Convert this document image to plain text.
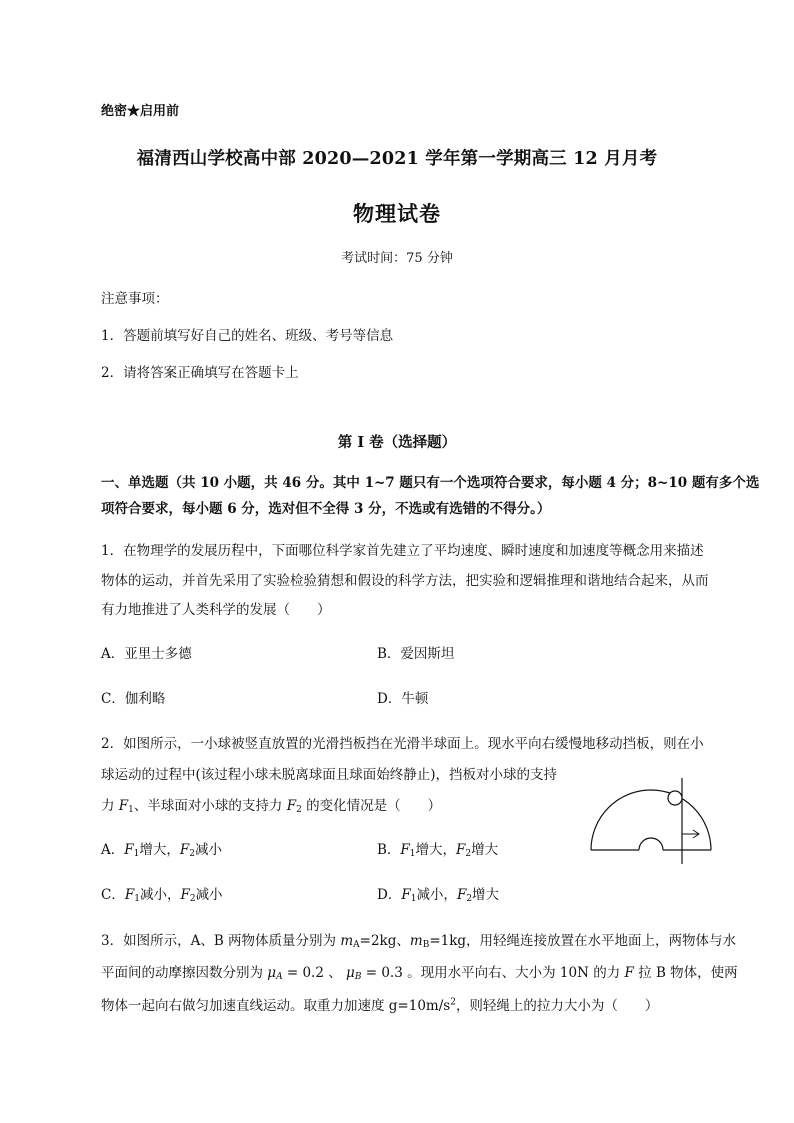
绝密★启用前
福清西山学校高中部 2020—2021 学年第一学期高三 12 月月考
物理试卷
考试时间：75 分钟
注意事项：
1．答题前填写好自己的姓名、班级、考号等信息
2．请将答案正确填写在答题卡上
第 I 卷（选择题）
一、单选题（共 10 小题，共 46 分。其中 1~7 题只有一个选项符合要求，每小题 4 分；8~10 题有多个选
项符合要求，每小题 6 分，选对但不全得 3 分，不选或有选错的不得分。）
1．在物理学的发展历程中，下面哪位科学家首先建立了平均速度、瞬时速度和加速度等概念用来描述
物体的运动，并首先采用了实验检验猜想和假设的科学方法，把实验和逻辑推理和谐地结合起来，从而
有力地推进了人类科学的发展（　　）
A．亚里士多德	B．爱因斯坦
C．伽利略	D．牛顿
2．如图所示，一小球被竖直放置的光滑挡板挡在光滑半球面上。现水平向右缓慢地移动挡板，则在小
球运动的过程中(该过程小球未脱离球面且球面始终静止)，挡板对小球的支持
力 $F_1$、半球面对小球的支持力 $F_2$ 的变化情况是（　　）
A．$F_1$增大，$F_2$减小	B．$F_1$增大，$F_2$增大
C．$F_1$减小，$F_2$减小	D．$F_1$减小，$F_2$增大
3．如图所示，A、B 两物体质量分别为 $m_A=2kg$、$m_B=1kg$，用轻绳连接放置在水平地面上，两物体与水
平面间的动摩擦因数分别为 $\mu_A = 0.2$ 、 $\mu_B = 0.3$ 。现用水平向右、大小为 10N 的力 F 拉 B 物体，使两
物体一起向右做匀加速直线运动。取重力加速度 $g=10m/s^2$，则轻绳上的拉力大小为（　　）
